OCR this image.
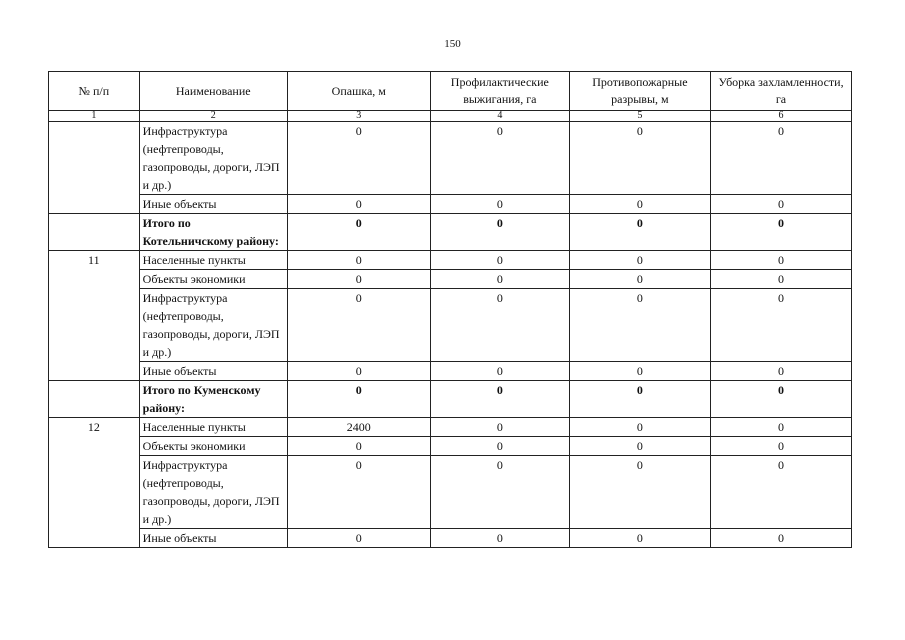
150
№ п/п	Наименование	Опашка, м	Профилактические выжигания, га	Противопожарные разрывы, м	Уборка захламленности, га
1	2	3	4	5	6
	Инфраструктура (нефтепроводы, газопроводы, дороги, ЛЭП и др.)	0	0	0	0
	Иные объекты	0	0	0	0
	Итого по Котельничскому району:	0	0	0	0
11	Населенные пункты	0	0	0	0
	Объекты экономики	0	0	0	0
	Инфраструктура (нефтепроводы, газопроводы, дороги, ЛЭП и др.)	0	0	0	0
	Иные объекты	0	0	0	0
	Итого по Куменскому району:	0	0	0	0
12	Населенные пункты	2400	0	0	0
	Объекты экономики	0	0	0	0
	Инфраструктура (нефтепроводы, газопроводы, дороги, ЛЭП и др.)	0	0	0	0
	Иные объекты	0	0	0	0
